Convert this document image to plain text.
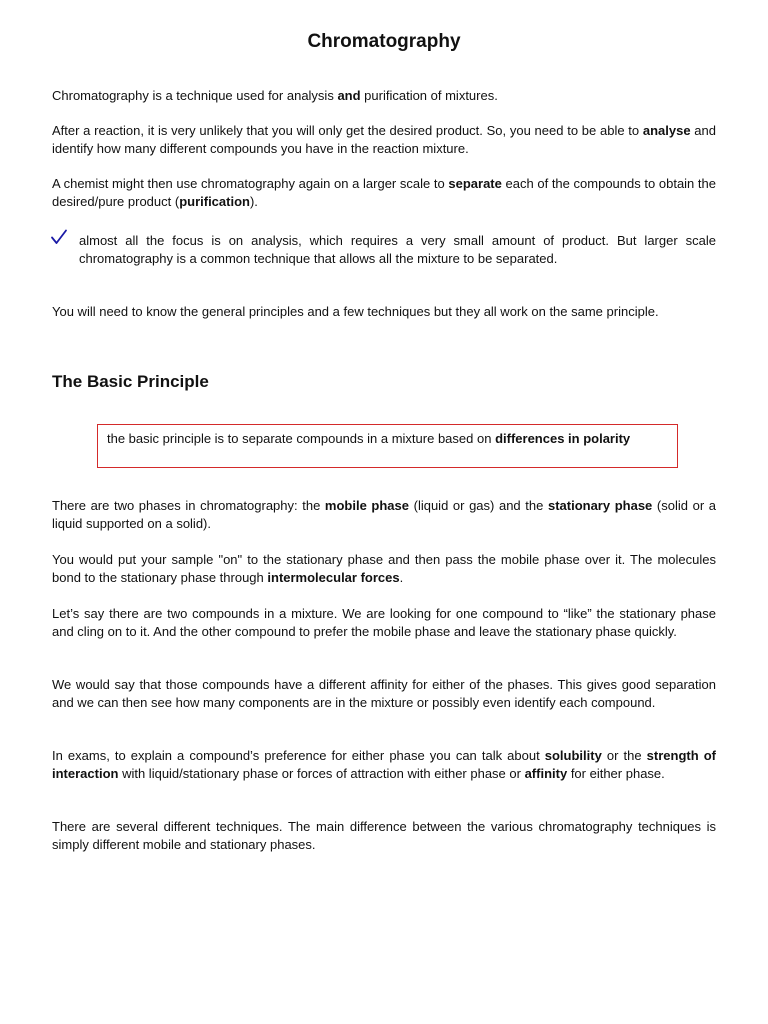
Chromatography

Chromatography is a technique used for analysis and purification of mixtures.

After a reaction, it is very unlikely that you will only get the desired product. So, you need to be able to analyse and identify how many different compounds you have in the reaction mixture.

A chemist might then use chromatography again on a larger scale to separate each of the compounds to obtain the desired/pure product (purification).

almost all the focus is on analysis, which requires a very small amount of product. But larger scale chromatography is a common technique that allows all the mixture to be separated.

You will need to know the general principles and a few techniques but they all work on the same principle.

The Basic Principle

the basic principle is to separate compounds in a mixture based on differences in polarity

There are two phases in chromatography: the mobile phase (liquid or gas) and the stationary phase (solid or a liquid supported on a solid).

You would put your sample "on" to the stationary phase and then pass the mobile phase over it. The molecules bond to the stationary phase through intermolecular forces.

Let’s say there are two compounds in a mixture. We are looking for one compound to “like” the stationary phase and cling on to it. And the other compound to prefer the mobile phase and leave the stationary phase quickly.

We would say that those compounds have a different affinity for either of the phases. This gives good separation and we can then see how many components are in the mixture or possibly even identify each compound.

In exams, to explain a compound’s preference for either phase you can talk about solubility or the strength of interaction with liquid/stationary phase or forces of attraction with either phase or affinity for either phase.

There are several different techniques. The main difference between the various chromatography techniques is simply different mobile and stationary phases.
